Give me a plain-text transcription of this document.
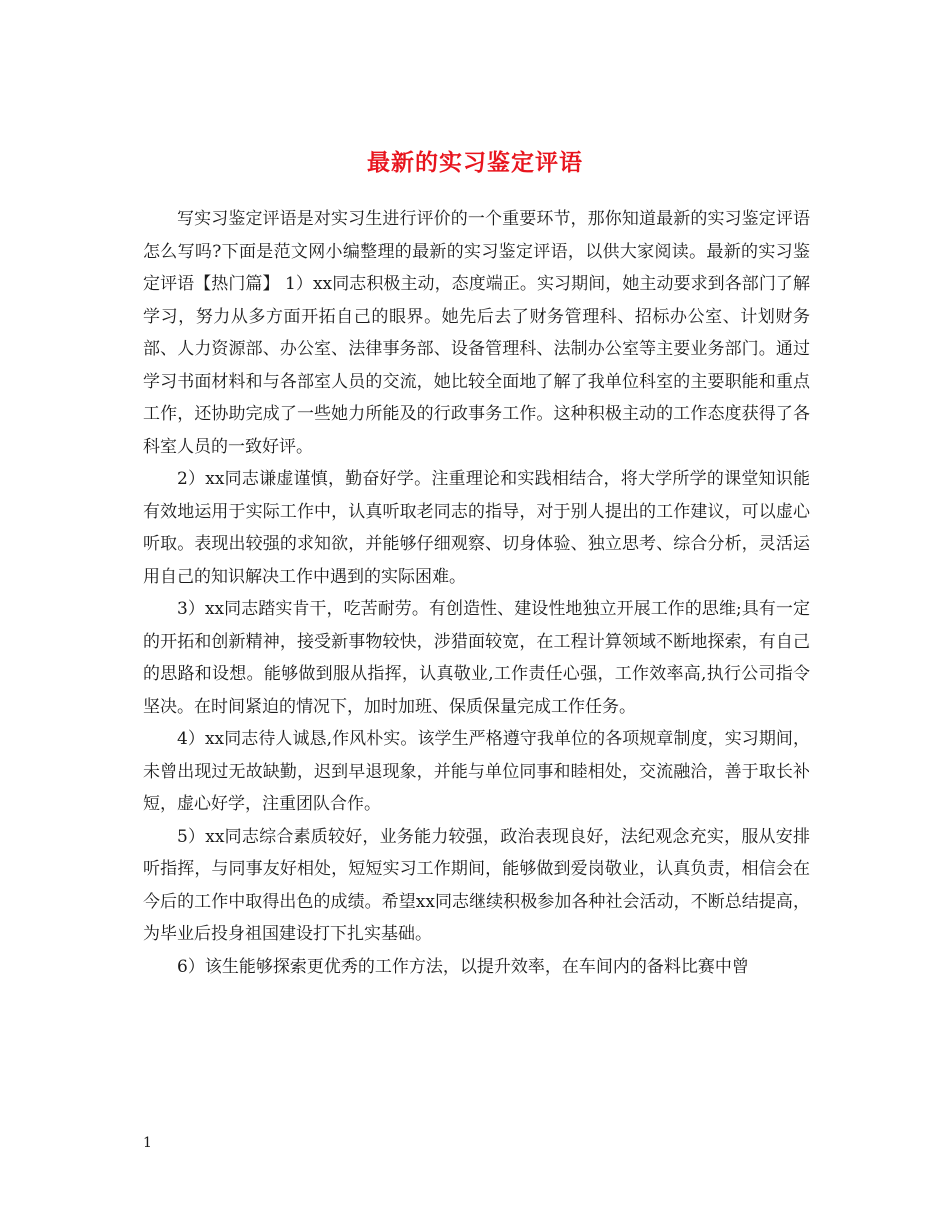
最新的实习鉴定评语

写实习鉴定评语是对实习生进行评价的一个重要环节，那你知道最新的实习鉴定评语怎么写吗?下面是范文网小编整理的最新的实习鉴定评语，以供大家阅读。最新的实习鉴定评语【热门篇】 1）xx同志积极主动，态度端正。实习期间，她主动要求到各部门了解学习，努力从多方面开拓自己的眼界。她先后去了财务管理科、招标办公室、计划财务部、人力资源部、办公室、法律事务部、设备管理科、法制办公室等主要业务部门。通过学习书面材料和与各部室人员的交流，她比较全面地了解了我单位科室的主要职能和重点工作，还协助完成了一些她力所能及的行政事务工作。这种积极主动的工作态度获得了各科室人员的一致好评。

2）xx同志谦虚谨慎，勤奋好学。注重理论和实践相结合，将大学所学的课堂知识能有效地运用于实际工作中，认真听取老同志的指导，对于别人提出的工作建议，可以虚心听取。表现出较强的求知欲，并能够仔细观察、切身体验、独立思考、综合分析，灵活运用自己的知识解决工作中遇到的实际困难。

3）xx同志踏实肯干，吃苦耐劳。有创造性、建设性地独立开展工作的思维;具有一定的开拓和创新精神，接受新事物较快，涉猎面较宽，在工程计算领域不断地探索，有自己的思路和设想。能够做到服从指挥，认真敬业,工作责任心强，工作效率高,执行公司指令坚决。在时间紧迫的情况下，加时加班、保质保量完成工作任务。

4）xx同志待人诚恳,作风朴实。该学生严格遵守我单位的各项规章制度，实习期间，未曾出现过无故缺勤，迟到早退现象，并能与单位同事和睦相处，交流融洽，善于取长补短，虚心好学，注重团队合作。

5）xx同志综合素质较好，业务能力较强，政治表现良好，法纪观念充实，服从安排听指挥，与同事友好相处，短短实习工作期间，能够做到爱岗敬业，认真负责，相信会在今后的工作中取得出色的成绩。希望xx同志继续积极参加各种社会活动，不断总结提高，为毕业后投身祖国建设打下扎实基础。

6）该生能够探索更优秀的工作方法，以提升效率，在车间内的备料比赛中曾

1
